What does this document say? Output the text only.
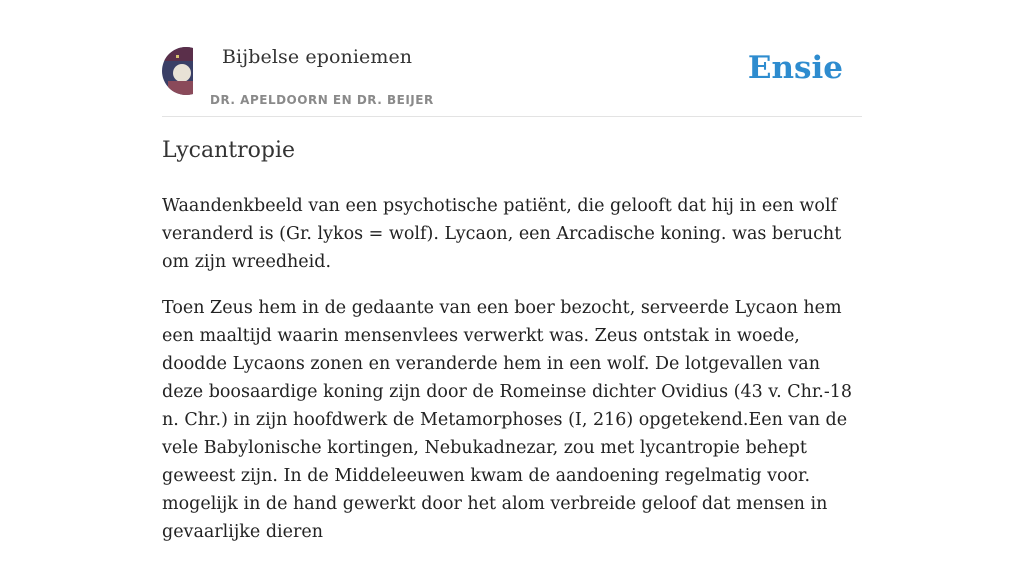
Bijbelse eponiemen
DR. APELDOORN EN DR. BEIJER
Ensie
Lycantropie

Waandenkbeeld van een psychotische patiënt, die gelooft dat hij in een wolf veranderd is (Gr. lykos = wolf). Lycaon, een Arcadische koning. was berucht om zijn wreedheid.

Toen Zeus hem in de gedaante van een boer bezocht, serveerde Lycaon hem een maaltijd waarin mensenvlees verwerkt was. Zeus ontstak in woede, doodde Lycaons zonen en veranderde hem in een wolf. De lotgevallen van deze boosaardige koning zijn door de Romeinse dichter Ovidius (43 v. Chr.-18 n. Chr.) in zijn hoofdwerk de Metamorphoses (I, 216) opgetekend.Een van de vele Babylonische kortingen, Nebukadnezar, zou met lycantropie behept geweest zijn. In de Middeleeuwen kwam de aandoening regelmatig voor. mogelijk in de hand gewerkt door het alom verbreide geloof dat mensen in gevaarlijke dieren
